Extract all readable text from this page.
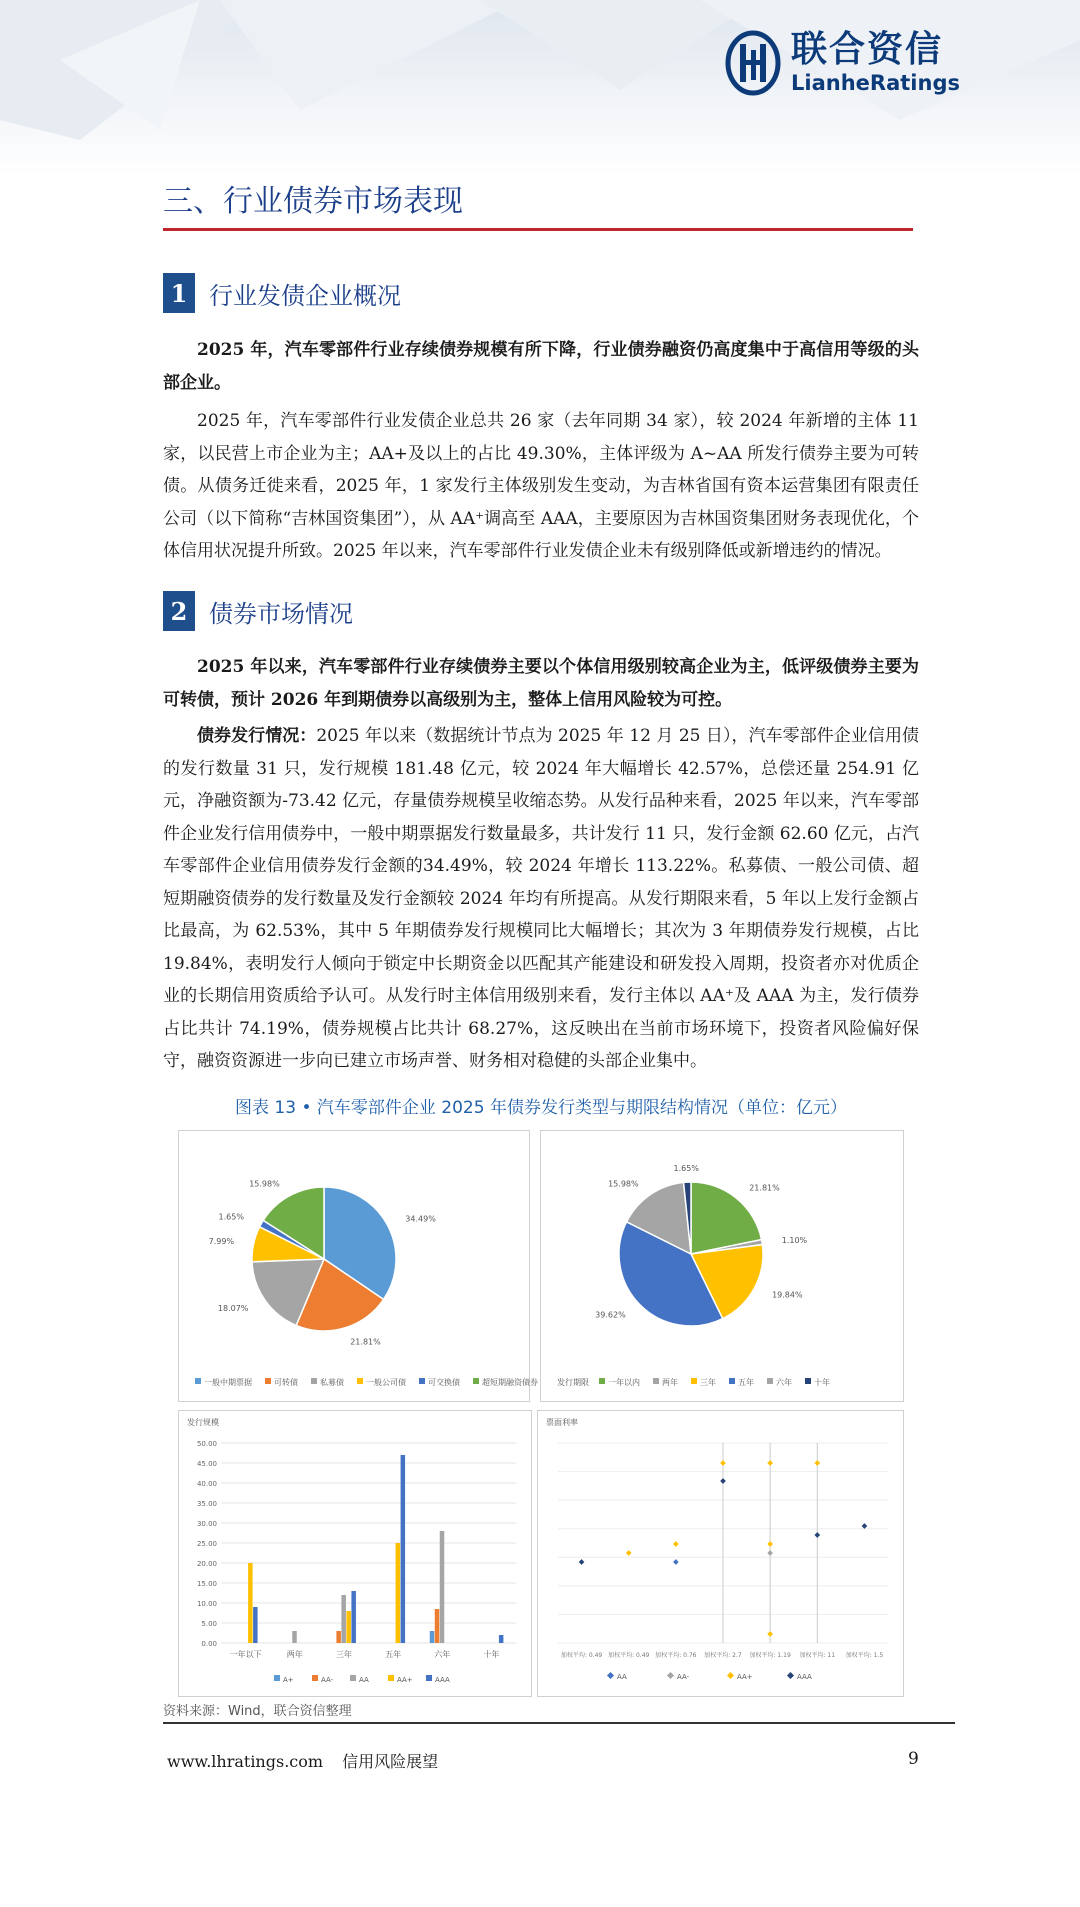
联合资信
LianheRatings
三、行业债券市场表现
1 行业发债企业概况

2025 年，汽车零部件行业存续债券规模有所下降，行业债券融资仍高度集中于高信用等级的头部企业。

2025 年，汽车零部件行业发债企业总共 26 家（去年同期 34 家），较 2024 年新增的主体 11 家，以民营上市企业为主；AA+及以上的占比 49.30%，主体评级为 A~AA 所发行债券主要为可转债。从债务迁徙来看，2025 年，1 家发行主体级别发生变动，为吉林省国有资本运营集团有限责任公司（以下简称“吉林国资集团”），从 AA⁺调高至 AAA，主要原因为吉林国资集团财务表现优化，个体信用状况提升所致。2025 年以来，汽车零部件行业发债企业未有级别降低或新增违约的情况。

2 债券市场情况

2025 年以来，汽车零部件行业存续债券主要以个体信用级别较高企业为主，低评级债券主要为可转债，预计 2026 年到期债券以高级别为主，整体上信用风险较为可控。

债券发行情况：2025 年以来（数据统计节点为 2025 年 12 月 25 日），汽车零部件企业信用债的发行数量 31 只，发行规模 181.48 亿元，较 2024 年大幅增长 42.57%，总偿还量 254.91 亿元，净融资额为-73.42 亿元，存量债券规模呈收缩态势。从发行品种来看，2025 年以来，汽车零部件企业发行信用债券中，一般中期票据发行数量最多，共计发行 11 只，发行金额 62.60 亿元，占汽车零部件企业信用债券发行金额的34.49%，较 2024 年增长 113.22%。私募债、一般公司债、超短期融资债券的发行数量及发行金额较 2024 年均有所提高。从发行期限来看，5 年以上发行金额占比最高，为 62.53%，其中 5 年期债券发行规模同比大幅增长；其次为 3 年期债券发行规模，占比 19.84%，表明发行人倾向于锁定中长期资金以匹配其产能建设和研发投入周期，投资者亦对优质企业的长期信用资质给予认可。从发行时主体信用级别来看，发行主体以 AA⁺及 AAA 为主，发行债券占比共计 74.19%，债券规模占比共计 68.27%，这反映出在当前市场环境下，投资者风险偏好保守，融资资源进一步向已建立市场声誉、财务相对稳健的头部企业集中。

图表 13 • 汽车零部件企业 2025 年债券发行类型与期限结构情况（单位：亿元）
34.49%
21.81%
18.07%
7.99%
1.65%
15.98%
一般中期票据	可转债	私募债	一般公司债	可交换债	超短期融资债券
21.81%
1.10%
19.84%
39.62%
15.98%
1.65%
发行期限 一年以内	两年	三年	五年	六年	十年
发行规模
0.00
5.00
10.00
15.00
20.00
25.00
30.00
35.00
40.00
45.00
50.00
一年以下	两年	三年	五年	六年	十年
A+	AA-	AA	AA+	AAA
票面利率
加权平均: 0.49 加权平均: 0.49 加权平均: 0.76 加权平均: 2.7 加权平均: 1.19 加权平均: 11 加权平均: 1.5
AA	AA-	AA+	AAA
资料来源：Wind，联合资信整理
www.lhratings.com 信用风险展望	9
